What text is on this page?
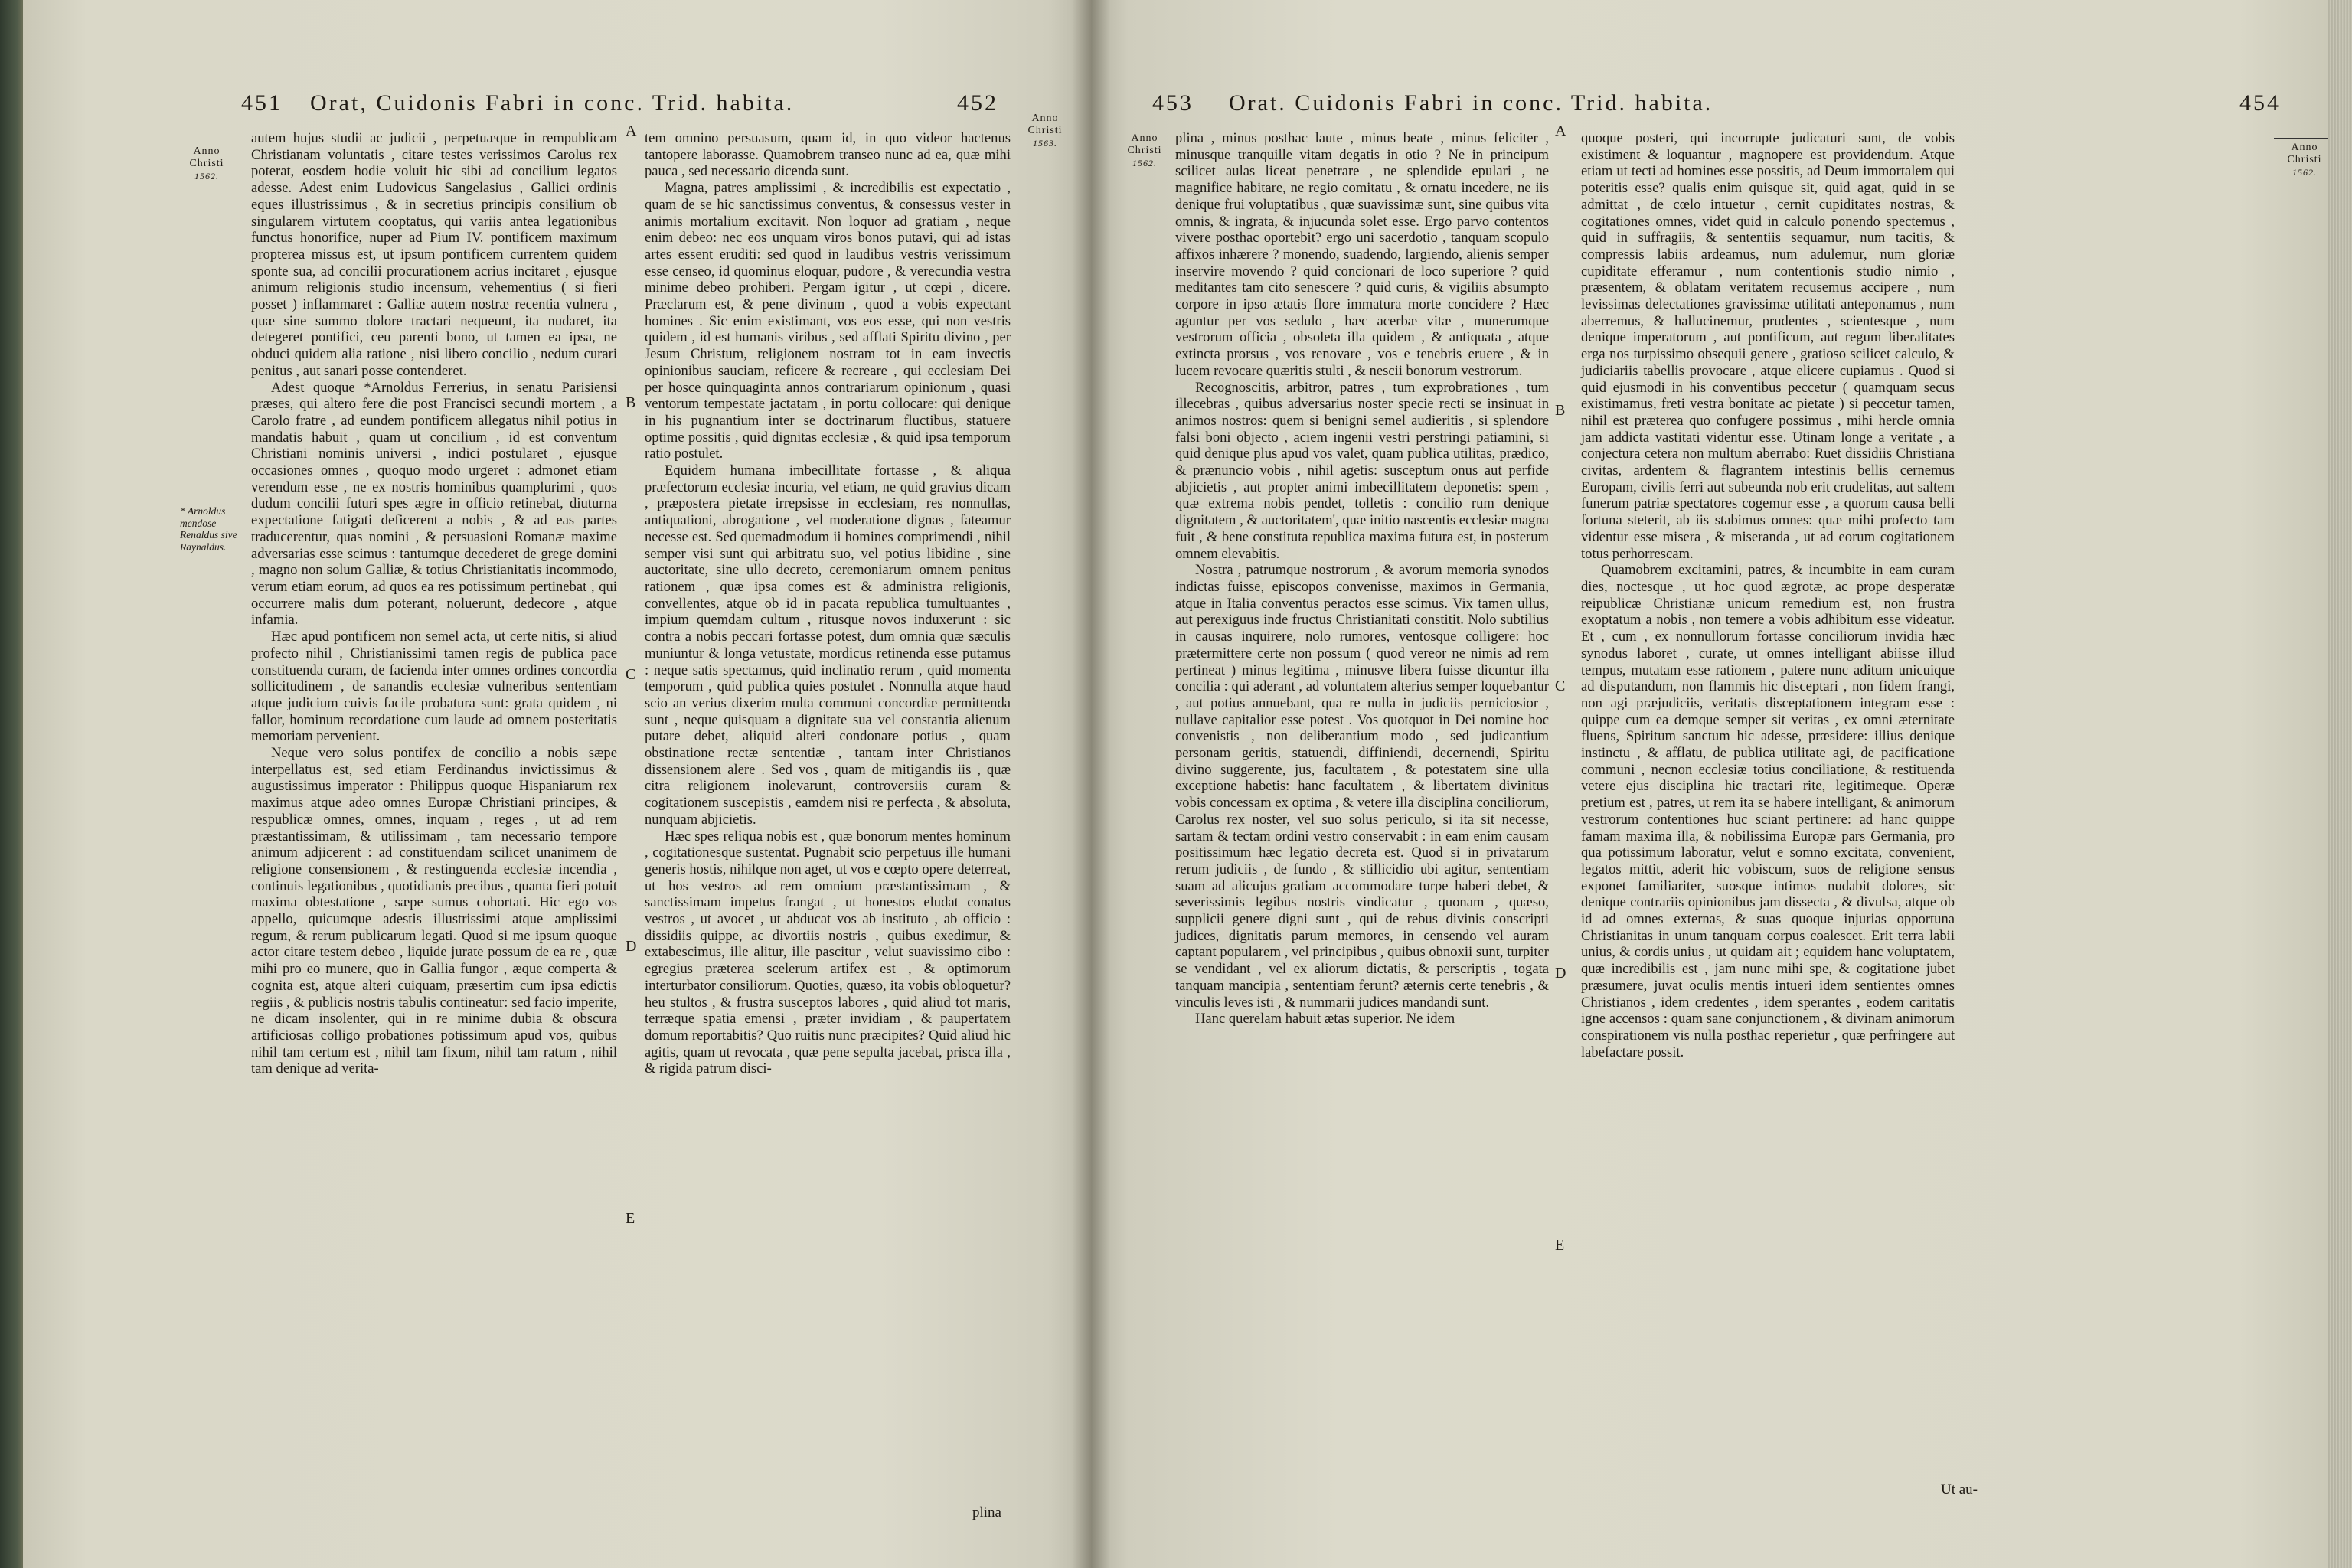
451 Orat, Cuidonis Fabri in conc. Trid. habita.	452
Anno
Christi
1562.
Anno
Christi
1563.
* Arnoldus mendose Renaldus sive Raynaldus.
A
B
C
D
E

autem hujus studii ac judicii , perpetuæque in rempublicam Christianam voluntatis , citare testes verissimos Carolus rex poterat, eosdem hodie voluit hic sibi ad concilium legatos adesse. Adest enim Ludovicus Sangelasius , Gallici ordinis eques illustrissimus , & in secretius principis consilium ob singularem virtutem cooptatus, qui variis antea legationibus functus honorifice, nuper ad Pium IV. pontificem maximum propterea missus est, ut ipsum pontificem currentem quidem sponte sua, ad concilii procurationem acrius incitaret , ejusque animum religionis studio incensum, vehementius ( si fieri posset ) inflammaret : Galliæ autem nostræ recentia vulnera , quæ sine summo dolore tractari nequeunt, ita nudaret, ita detegeret pontifici, ceu parenti bono, ut tamen ea ipsa, ne obduci quidem alia ratione , nisi libero concilio , nedum curari penitus , aut sanari posse contenderet.

Adest quoque *Arnoldus Ferrerius, in senatu Parisiensi præses, qui altero fere die post Francisci secundi mortem , a Carolo fratre , ad eundem pontificem allegatus nihil potius in mandatis habuit , quam ut concilium , id est conventum Christiani nominis universi , indici postularet , ejusque occasiones omnes , quoquo modo urgeret : admonet etiam verendum esse , ne ex nostris hominibus quamplurimi , quos dudum concilii futuri spes ægre in officio retinebat, diuturna expectatione fatigati deficerent a nobis , & ad eas partes traducerentur, quas nomini , & persuasioni Romanæ maxime adversarias esse scimus : tantumque decederet de grege domini , magno non solum Galliæ, & totius Christianitatis incommodo, verum etiam eorum, ad quos ea res potissimum pertinebat , qui occurrere malis dum poterant, noluerunt, dedecore , atque infamia.

Hæc apud pontificem non semel acta, ut certe nitis, si aliud profecto nihil , Christianissimi tamen regis de publica pace constituenda curam, de facienda inter omnes ordines concordia sollicitudinem , de sanandis ecclesiæ vulneribus sententiam atque judicium cuivis facile probatura sunt: grata quidem , ni fallor, hominum recordatione cum laude ad omnem posteritatis memoriam pervenient.

Neque vero solus pontifex de concilio a nobis sæpe interpellatus est, sed etiam Ferdinandus invictissimus & augustissimus imperator : Philippus quoque Hispaniarum rex maximus atque adeo omnes Europæ Christiani principes, & respublicæ omnes, omnes, inquam , reges , ut ad rem præstantissimam, & utilissimam , tam necessario tempore animum adjicerent : ad constituendam scilicet unanimem de religione consensionem , & restinguenda ecclesiæ incendia , continuis legationibus , quotidianis precibus , quanta fieri potuit maxima obtestatione , sæpe sumus cohortati. Hic ego vos appello, quicumque adestis illustrissimi atque amplissimi regum, & rerum publicarum legati. Quod si me ipsum quoque actor citare testem debeo , liquide jurate possum de ea re , quæ mihi pro eo munere, quo in Gallia fungor , æque comperta & cognita est, atque alteri cuiquam, præsertim cum ipsa edictis regiis , & publicis nostris tabulis contineatur: sed facio imperite, ne dicam insolenter, qui in re minime dubia & obscura artificiosas colligo probationes potissimum apud vos, quibus nihil tam certum est , nihil tam fixum, nihil tam ratum , nihil tam denique ad verita-

tem omnino persuasum, quam id, in quo videor hactenus tantopere laborasse. Quamobrem transeo nunc ad ea, quæ mihi pauca , sed necessario dicenda sunt.

Magna, patres amplissimi , & incredibilis est expectatio , quam de se hic sanctissimus conventus, & consessus vester in animis mortalium excitavit. Non loquor ad gratiam , neque enim debeo: nec eos unquam viros bonos putavi, qui ad istas artes essent eruditi: sed quod in laudibus vestris verissimum esse censeo, id quominus eloquar, pudore , & verecundia vestra minime debeo prohiberi. Pergam igitur , ut cœpi , dicere. Præclarum est, & pene divinum , quod a vobis expectant homines . Sic enim existimant, vos eos esse, qui non vestris quidem , id est humanis viribus , sed afflati Spiritu divino , per Jesum Christum, religionem nostram tot in eam invectis opinionibus sauciam, reficere & recreare , qui ecclesiam Dei per hosce quinquaginta annos contrariarum opinionum , quasi ventorum tempestate jactatam , in portu collocare: qui denique in his pugnantium inter se doctrinarum fluctibus, statuere optime possitis , quid dignitas ecclesiæ , & quid ipsa temporum ratio postulet.

Equidem humana imbecillitate fortasse , & aliqua præfectorum ecclesiæ incuria, vel etiam, ne quid gravius dicam , præpostera pietate irrepsisse in ecclesiam, res nonnullas, antiquationi, abrogatione , vel moderatione dignas , fateamur necesse est. Sed quemadmodum ii homines comprimendi , nihil semper visi sunt qui arbitratu suo, vel potius libidine , sine auctoritate, sine ullo decreto, ceremoniarum omnem penitus rationem , quæ ipsa comes est & administra religionis, convellentes, atque ob id in pacata republica tumultuantes , impium quemdam cultum , ritusque novos induxerunt : sic contra a nobis peccari fortasse potest, dum omnia quæ sæculis muniuntur & longa vetustate, mordicus retinenda esse putamus : neque satis spectamus, quid inclinatio rerum , quid momenta temporum , quid publica quies postulet . Nonnulla atque haud scio an verius dixerim multa communi concordiæ permittenda sunt , neque quisquam a dignitate sua vel constantia alienum putare debet, aliquid alteri condonare potius , quam obstinatione rectæ sententiæ , tantam inter Christianos dissensionem alere . Sed vos , quam de mitigandis iis , quæ citra religionem inolevarunt, controversiis curam & cogitationem suscepistis , eamdem nisi re perfecta , & absoluta, nunquam abjicietis.

Hæc spes reliqua nobis est , quæ bonorum mentes hominum , cogitationesque sustentat. Pugnabit scio perpetuus ille humani generis hostis, nihilque non aget, ut vos e cœpto opere deterreat, ut hos vestros ad rem omnium præstantissimam , & sanctissimam impetus frangat , ut honestos eludat conatus vestros , ut avocet , ut abducat vos ab instituto , ab officio : dissidiis quippe, ac divortiis nostris , quibus exedimur, & extabescimus, ille alitur, ille pascitur , velut suavissimo cibo : egregius præterea scelerum artifex est , & optimorum interturbator consiliorum. Quoties, quæso, ita vobis obloquetur? heu stultos , & frustra susceptos labores , quid aliud tot maris, terræque spatia emensi , præter invidiam , & paupertatem domum reportabitis? Quo ruitis nunc præcipites? Quid aliud hic agitis, quam ut revocata , quæ pene sepulta jacebat, prisca illa , & rigida patrum disci-

plina
453 Orat. Cuidonis Fabri in conc. Trid. habita.	454
Anno
Christi
1562.
Anno
Christi
1562.
A
B
C
D
E

plina , minus posthac laute , minus beate , minus feliciter , minusque tranquille vitam degatis in otio ? Ne in principum scilicet aulas liceat penetrare , ne splendide epulari , ne magnifice habitare, ne regio comitatu , & ornatu incedere, ne iis denique frui voluptatibus , quæ suavissimæ sunt, sine quibus vita omnis, & ingrata, & injucunda solet esse. Ergo parvo contentos vivere posthac oportebit? ergo uni sacerdotio , tanquam scopulo affixos inhærere ? monendo, suadendo, largiendo, alienis semper inservire movendo ? quid concionari de loco superiore ? quid meditantes tam cito senescere ? quid curis, & vigiliis absumpto corpore in ipso ætatis flore immatura morte concidere ? Hæc aguntur per vos sedulo , hæc acerbæ vitæ , munerumque vestrorum officia , obsoleta illa quidem , & antiquata , atque extincta prorsus , vos renovare , vos e tenebris eruere , & in lucem revocare quæritis stulti , & nescii bonorum vestrorum.

Recognoscitis, arbitror, patres , tum exprobrationes , tum illecebras , quibus adversarius noster specie recti se insinuat in animos nostros: quem si benigni semel audieritis , si splendore falsi boni objecto , aciem ingenii vestri perstringi patiamini, si quid denique plus apud vos valet, quam publica utilitas, prædico, & prænuncio vobis , nihil agetis: susceptum onus aut perfide abjicietis , aut propter animi imbecillitatem deponetis: spem , quæ extrema nobis pendet, tolletis : concilio rum denique dignitatem , & auctoritatem', quæ initio nascentis ecclesiæ magna fuit , & bene constituta republica maxima futura est, in posterum omnem elevabitis.

Nostra , patrumque nostrorum , & avorum memoria synodos indictas fuisse, episcopos convenisse, maximos in Germania, atque in Italia conventus peractos esse scimus. Vix tamen ullus, aut perexiguus inde fructus Christianitati constitit. Nolo subtilius in causas inquirere, nolo rumores, ventosque colligere: hoc prætermittere certe non possum ( quod vereor ne nimis ad rem pertineat ) minus legitima , minusve libera fuisse dicuntur illa concilia : qui aderant , ad voluntatem alterius semper loquebantur , aut potius annuebant, qua re nulla in judiciis perniciosior , nullave capitalior esse potest . Vos quotquot in Dei nomine hoc convenistis , non deliberantium modo , sed judicantium personam geritis, statuendi, diffiniendi, decernendi, Spiritu divino suggerente, jus, facultatem , & potestatem sine ulla exceptione habetis: hanc facultatem , & libertatem divinitus vobis concessam ex optima , & vetere illa disciplina conciliorum, Carolus rex noster, vel suo solus periculo, si ita sit necesse, sartam & tectam ordini vestro conservabit : in eam enim causam positissimum hæc legatio decreta est. Quod si in privatarum rerum judiciis , de fundo , & stillicidio ubi agitur, sententiam suam ad alicujus gratiam accommodare turpe haberi debet, & severissimis legibus nostris vindicatur , quonam , quæso, supplicii genere digni sunt , qui de rebus divinis conscripti judices, dignitatis parum memores, in censendo vel auram captant popularem , vel principibus , quibus obnoxii sunt, turpiter se vendidant , vel ex aliorum dictatis, & perscriptis , togata tanquam mancipia , sententiam ferunt? æternis certe tenebris , & vinculis leves isti , & nummarii judices mandandi sunt.

Hanc querelam habuit ætas superior. Ne idem

quoque posteri, qui incorrupte judicaturi sunt, de vobis existiment & loquantur , magnopere est providendum. Atque etiam ut tecti ad homines esse possitis, ad Deum immortalem qui poteritis esse? qualis enim quisque sit, quid agat, quid in se admittat , de cœlo intuetur , cernit cupiditates nostras, & cogitationes omnes, videt quid in calculo ponendo spectemus , quid in suffragiis, & sententiis sequamur, num tacitis, & compressis labiis ardeamus, num adulemur, num gloriæ cupiditate efferamur , num contentionis studio nimio , præsentem, & oblatam veritatem recusemus accipere , num levissimas delectationes gravissimæ utilitati anteponamus , num aberremus, & hallucinemur, prudentes , scientesque , num denique imperatorum , aut pontificum, aut regum liberalitates erga nos turpissimo obsequii genere , gratioso scilicet calculo, & judiciariis tabellis provocare , atque elicere cupiamus . Quod si quid ejusmodi in his conventibus peccetur ( quamquam secus existimamus, freti vestra bonitate ac pietate ) si peccetur tamen, nihil est præterea quo confugere possimus , mihi hercle omnia jam addicta vastitati videntur esse. Utinam longe a veritate , a conjectura cetera non multum aberrabo: Ruet dissidiis Christiana civitas, ardentem & flagrantem intestinis bellis cernemus Europam, civilis ferri aut subeunda nob erit crudelitas, aut saltem funerum patriæ spectatores cogemur esse , a quorum causa belli fortuna steterit, ab iis stabimus omnes: quæ mihi profecto tam videntur esse misera , & miseranda , ut ad eorum cogitationem totus perhorrescam.

Quamobrem excitamini, patres, & incumbite in eam curam dies, noctesque , ut hoc quod ægrotæ, ac prope desperatæ reipublicæ Christianæ unicum remedium est, non frustra exoptatum a nobis , non temere a vobis adhibitum esse videatur. Et , cum , ex nonnullorum fortasse conciliorum invidia hæc synodus laboret , curate, ut omnes intelligant abiisse illud tempus, mutatam esse rationem , patere nunc aditum unicuique ad disputandum, non flammis hic disceptari , non fidem frangi, non agi præjudiciis, veritatis disceptationem integram esse : quippe cum ea demque semper sit veritas , ex omni æternitate fluens, Spiritum sanctum hic adesse, præsidere: illius denique instinctu , & afflatu, de publica utilitate agi, de pacificatione communi , necnon ecclesiæ totius conciliatione, & restituenda vetere ejus disciplina hic tractari rite, legitimeque. Operæ pretium est , patres, ut rem ita se habere intelligant, & animorum vestrorum contentiones huc sciant pertinere: ad hanc quippe famam maxima illa, & nobilissima Europæ pars Germania, pro qua potissimum laboratur, velut e somno excitata, convenient, legatos mittit, aderit hic vobiscum, suos de religione sensus exponet familiariter, suosque intimos nudabit dolores, sic denique contrariis opinionibus jam dissecta , & divulsa, atque ob id ad omnes externas, & suas quoque injurias opportuna Christianitas in unum tanquam corpus coalescet. Erit terra labii unius, & cordis unius , ut quidam ait ; equidem hanc voluptatem, quæ incredibilis est , jam nunc mihi spe, & cogitatione jubet præsumere, juvat oculis mentis intueri idem sentientes omnes Christianos , idem credentes , idem sperantes , eodem caritatis igne accensos : quam sane conjunctionem , & divinam animorum conspirationem vis nulla posthac reperietur , quæ perfringere aut labefactare possit.

Ut au-
